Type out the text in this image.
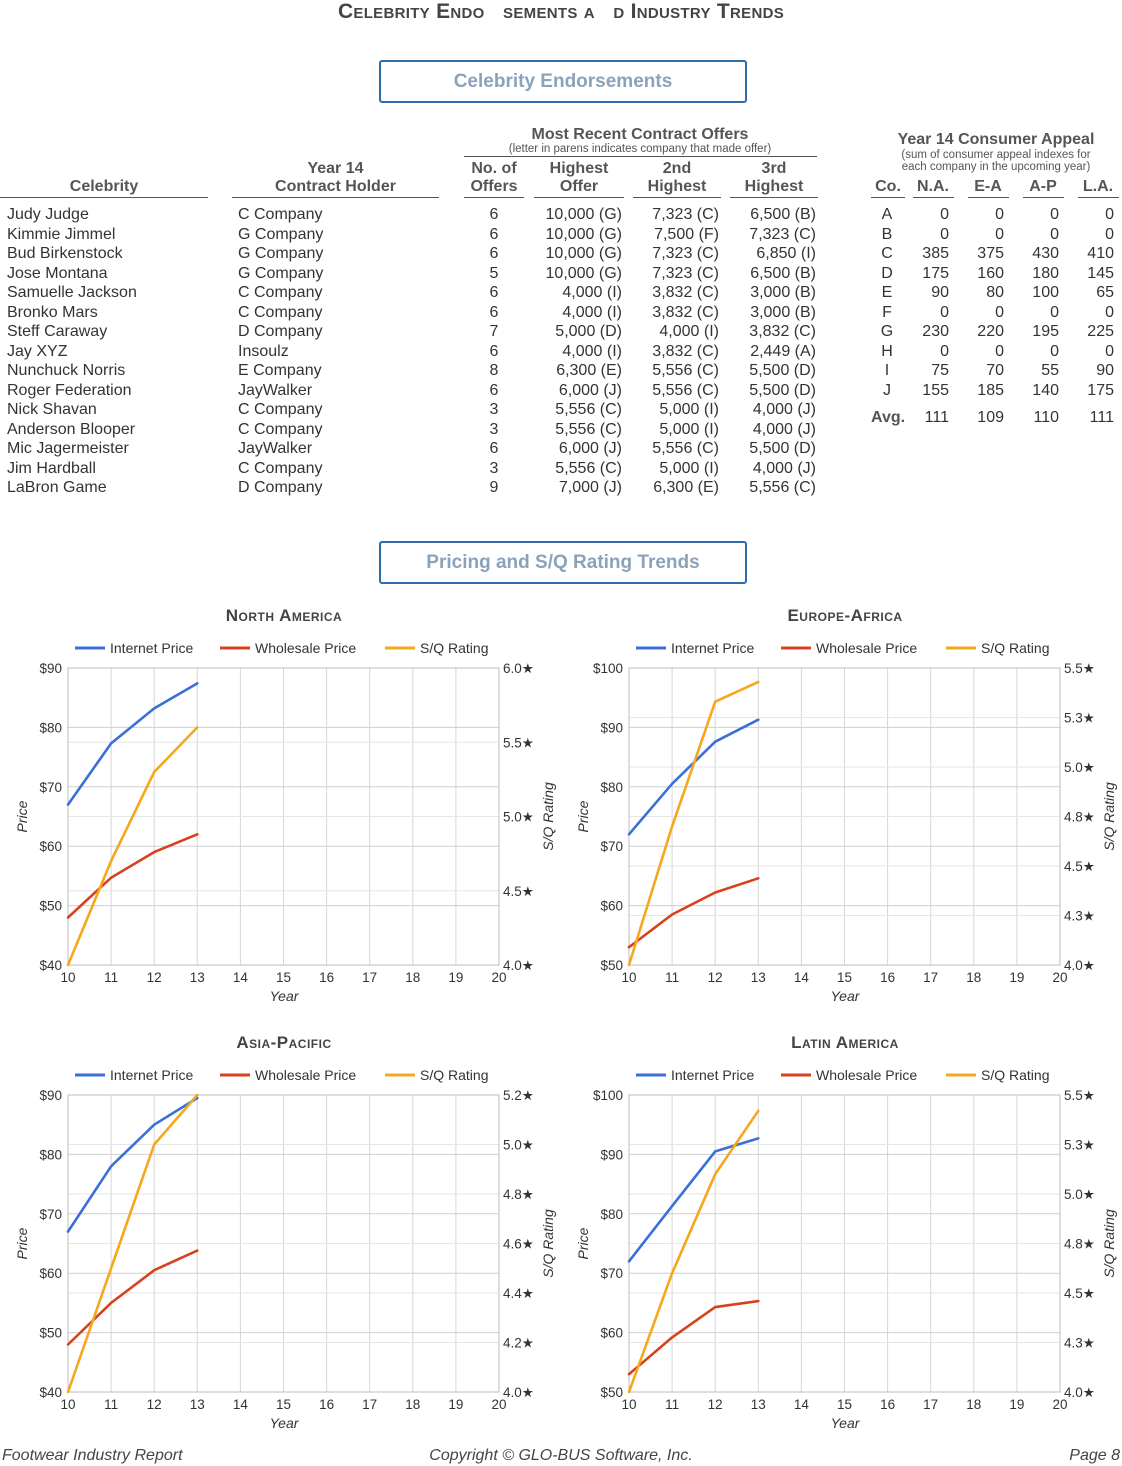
Celebrity Endo   sements a   d Industry Trends
Celebrity Endorsements
Most Recent Contract Offers
(letter in parens indicates company that made offer)
Celebrity
Year 14
Contract Holder
No. of
Offers
Highest
Offer
2nd
Highest
3rd
Highest
Judy Judge	C Company	6	10,000 (G)	7,323 (C)	6,500 (B)
Kimmie Jimmel	G Company	6	10,000 (G)	7,500 (F)	7,323 (C)
Bud Birkenstock	G Company	6	10,000 (G)	7,323 (C)	6,850 (I)
Jose Montana	G Company	5	10,000 (G)	7,323 (C)	6,500 (B)
Samuelle Jackson	C Company	6	4,000 (I)	3,832 (C)	3,000 (B)
Bronko Mars	C Company	6	4,000 (I)	3,832 (C)	3,000 (B)
Steff Caraway	D Company	7	5,000 (D)	4,000 (I)	3,832 (C)
Jay XYZ	Insoulz	6	4,000 (I)	3,832 (C)	2,449 (A)
Nunchuck Norris	E Company	8	6,300 (E)	5,556 (C)	5,500 (D)
Roger Federation	JayWalker	6	6,000 (J)	5,556 (C)	5,500 (D)
Nick Shavan	C Company	3	5,556 (C)	5,000 (I)	4,000 (J)
Anderson Blooper	C Company	3	5,556 (C)	5,000 (I)	4,000 (J)
Mic Jagermeister	JayWalker	6	6,000 (J)	5,556 (C)	5,500 (D)
Jim Hardball	C Company	3	5,556 (C)	5,000 (I)	4,000 (J)
LaBron Game	D Company	9	7,000 (J)	6,300 (E)	5,556 (C)
Year 14 Consumer Appeal
(sum of consumer appeal indexes for
each company in the upcoming year)
Co. N.A.	E-A	A-P	L.A.
A	0	0	0	0
B	0	0	0	0
C	385	375	430	410
D	175	160	180	145
E	90	80	100	65
F	0	0	0	0
G	230	220	195	225
H	0	0	0	0
I	75	70	55	90
J	155	185	140	175
Avg.	111	109	110	111
Pricing and S/Q Rating Trends
North America
Internet Price	Wholesale Price	S/Q Rating
$90
$80
$70
$60
$50
$40
6.0★
5.5★
5.0★
4.5★
4.0★
10 11 12 13 14 15 16 17 18 19 20
Year
Price	S/Q Rating
Europe-Africa
Internet Price	Wholesale Price	S/Q Rating
$100
$90
$80
$70
$60
$50
5.5★
5.3★
5.0★
4.8★
4.5★
4.3★
4.0★
10 11 12 13 14 15 16 17 18 19 20
Year
Price	S/Q Rating
Asia-Pacific
Internet Price	Wholesale Price	S/Q Rating
$90
$80
$70
$60
$50
$40
5.2★
5.0★
4.8★
4.6★
4.4★
4.2★
4.0★
10 11 12 13 14 15 16 17 18 19 20
Year
Price	S/Q Rating
Latin America
Internet Price	Wholesale Price	S/Q Rating
$100
$90
$80
$70
$60
$50
5.5★
5.3★
5.0★
4.8★
4.5★
4.3★
4.0★
10 11 12 13 14 15 16 17 18 19 20
Year
Price	S/Q Rating
Footwear Industry Report	Copyright © GLO-BUS Software, Inc.	Page 8
